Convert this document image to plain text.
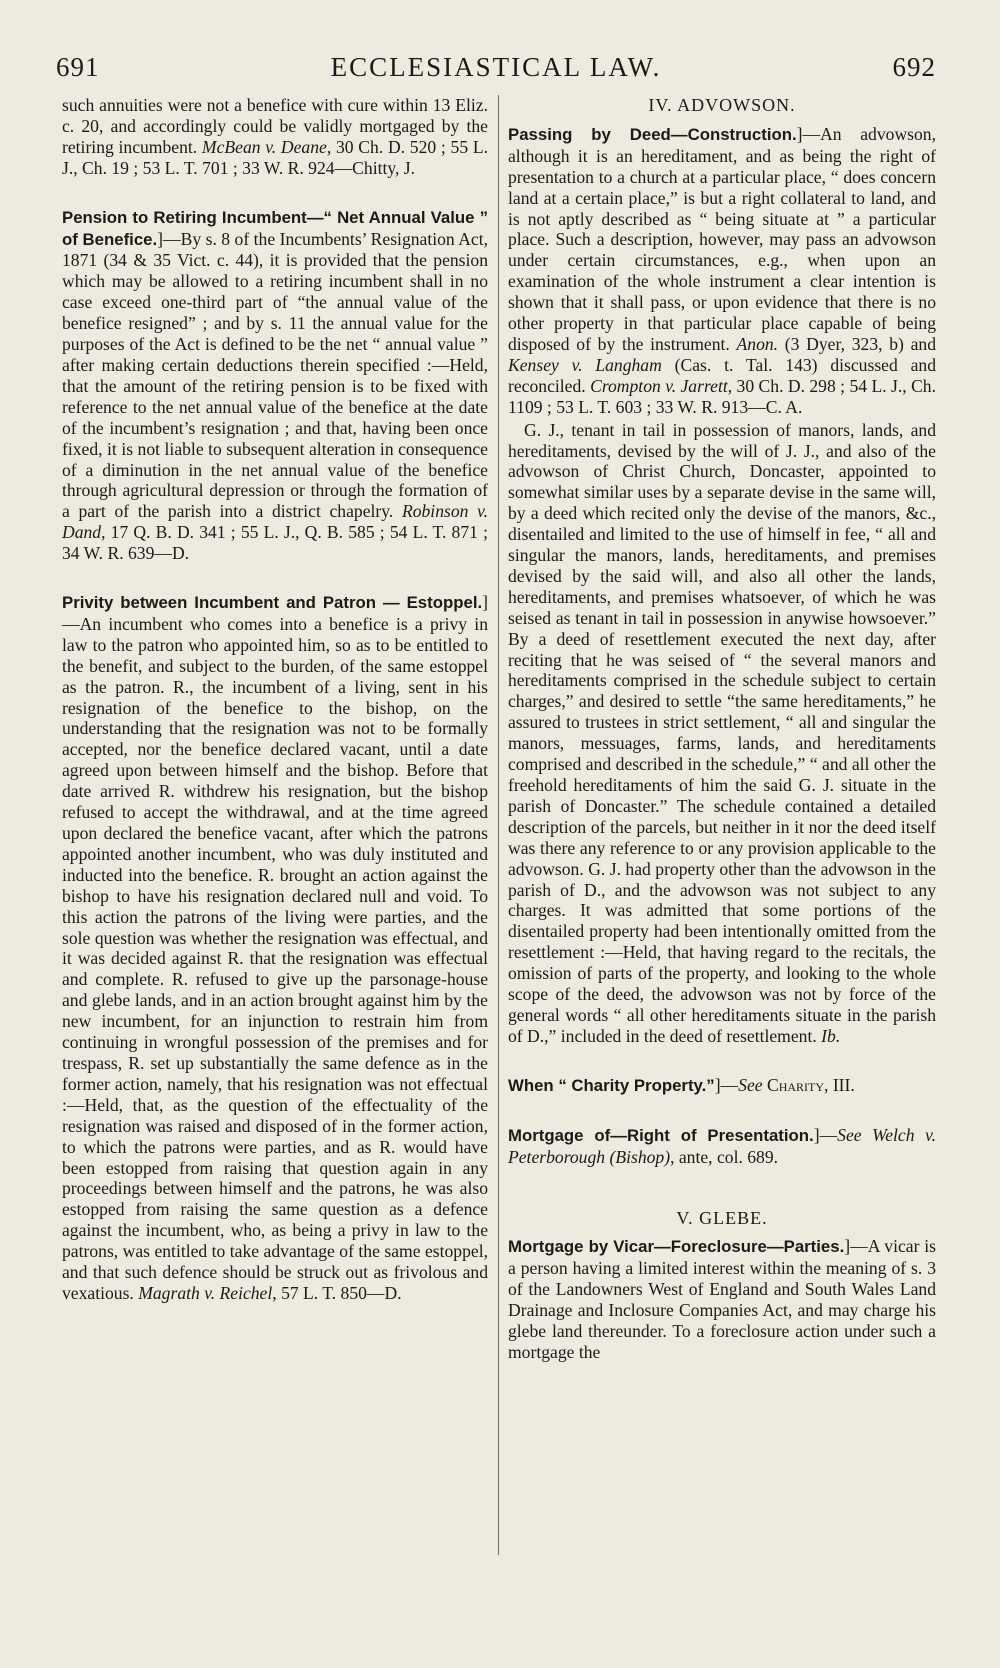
691	ECCLESIASTICAL LAW.	692

such annuities were not a benefice with cure within 13 Eliz. c. 20, and accordingly could be validly mortgaged by the retiring incumbent. McBean v. Deane, 30 Ch. D. 520 ; 55 L. J., Ch. 19 ; 53 L. T. 701 ; 33 W. R. 924—Chitty, J.

Pension to Retiring Incumbent—“ Net Annual Value ” of Benefice.]—By s. 8 of the Incumbents’ Resignation Act, 1871 (34 & 35 Vict. c. 44), it is provided that the pension which may be allowed to a retiring incumbent shall in no case exceed one-third part of “the annual value of the benefice resigned” ; and by s. 11 the annual value for the purposes of the Act is defined to be the net “ annual value ” after making certain deductions therein specified :—Held, that the amount of the retiring pension is to be fixed with reference to the net annual value of the benefice at the date of the incumbent’s resignation ; and that, having been once fixed, it is not liable to subsequent alteration in consequence of a diminution in the net annual value of the benefice through agricultural depression or through the formation of a part of the parish into a district chapelry. Robinson v. Dand, 17 Q. B. D. 341 ; 55 L. J., Q. B. 585 ; 54 L. T. 871 ; 34 W. R. 639—D.

Privity between Incumbent and Patron — Estoppel.]—An incumbent who comes into a benefice is a privy in law to the patron who appointed him, so as to be entitled to the benefit, and subject to the burden, of the same estoppel as the patron. R., the incumbent of a living, sent in his resignation of the benefice to the bishop, on the understanding that the resignation was not to be formally accepted, nor the benefice declared vacant, until a date agreed upon between himself and the bishop. Before that date arrived R. withdrew his resignation, but the bishop refused to accept the withdrawal, and at the time agreed upon declared the benefice vacant, after which the patrons appointed another incumbent, who was duly instituted and inducted into the benefice. R. brought an action against the bishop to have his resignation declared null and void. To this action the patrons of the living were parties, and the sole question was whether the resignation was effectual, and it was decided against R. that the resignation was effectual and complete. R. refused to give up the parsonage-house and glebe lands, and in an action brought against him by the new incumbent, for an injunction to restrain him from continuing in wrongful possession of the premises and for trespass, R. set up substantially the same defence as in the former action, namely, that his resignation was not effectual :—Held, that, as the question of the effectuality of the resignation was raised and disposed of in the former action, to which the patrons were parties, and as R. would have been estopped from raising that question again in any proceedings between himself and the patrons, he was also estopped from raising the same question as a defence against the incumbent, who, as being a privy in law to the patrons, was entitled to take advantage of the same estoppel, and that such defence should be struck out as frivolous and vexatious. Magrath v. Reichel, 57 L. T. 850—D.

IV. ADVOWSON.

Passing by Deed—Construction.]—An advowson, although it is an hereditament, and as being the right of presentation to a church at a particular place, “ does concern land at a certain place,” is but a right collateral to land, and is not aptly described as “ being situate at ” a particular place. Such a description, however, may pass an advowson under certain circumstances, e.g., when upon an examination of the whole instrument a clear intention is shown that it shall pass, or upon evidence that there is no other property in that particular place capable of being disposed of by the instrument. Anon. (3 Dyer, 323, b) and Kensey v. Langham (Cas. t. Tal. 143) discussed and reconciled. Crompton v. Jarrett, 30 Ch. D. 298 ; 54 L. J., Ch. 1109 ; 53 L. T. 603 ; 33 W. R. 913—C. A.

G. J., tenant in tail in possession of manors, lands, and hereditaments, devised by the will of J. J., and also of the advowson of Christ Church, Doncaster, appointed to somewhat similar uses by a separate devise in the same will, by a deed which recited only the devise of the manors, &c., disentailed and limited to the use of himself in fee, “ all and singular the manors, lands, hereditaments, and premises devised by the said will, and also all other the lands, hereditaments, and premises whatsoever, of which he was seised as tenant in tail in possession in anywise howsoever.” By a deed of resettlement executed the next day, after reciting that he was seised of “ the several manors and hereditaments comprised in the schedule subject to certain charges,” and desired to settle “the same hereditaments,” he assured to trustees in strict settlement, “ all and singular the manors, messuages, farms, lands, and hereditaments comprised and described in the schedule,” “ and all other the freehold hereditaments of him the said G. J. situate in the parish of Doncaster.” The schedule contained a detailed description of the parcels, but neither in it nor the deed itself was there any reference to or any provision applicable to the advowson. G. J. had property other than the advowson in the parish of D., and the advowson was not subject to any charges. It was admitted that some portions of the disentailed property had been intentionally omitted from the resettlement :—Held, that having regard to the recitals, the omission of parts of the property, and looking to the whole scope of the deed, the advowson was not by force of the general words “ all other hereditaments situate in the parish of D.,” included in the deed of resettlement. Ib.

When “ Charity Property.”]—See Charity, III.

Mortgage of—Right of Presentation.]—See Welch v. Peterborough (Bishop), ante, col. 689.

V. GLEBE.

Mortgage by Vicar—Foreclosure—Parties.]—A vicar is a person having a limited interest within the meaning of s. 3 of the Landowners West of England and South Wales Land Drainage and Inclosure Companies Act, and may charge his glebe land thereunder. To a foreclosure action under such a mortgage the
